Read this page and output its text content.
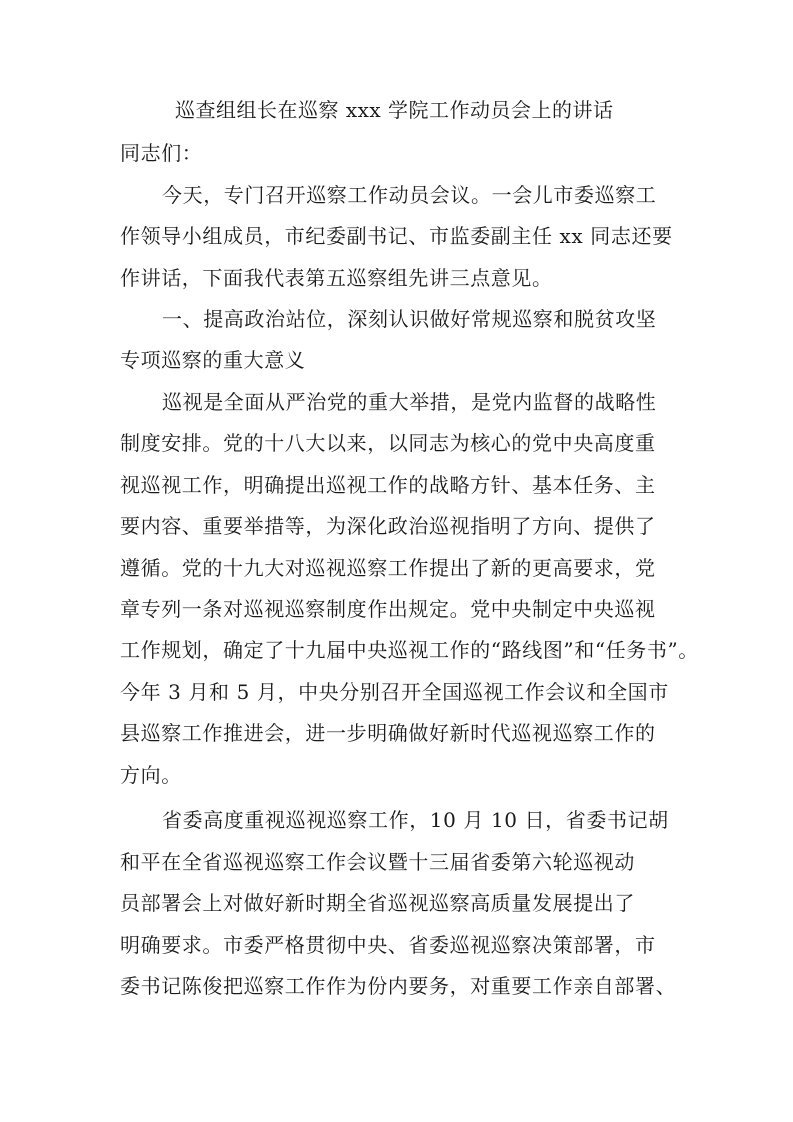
巡查组组长在巡察 xxx 学院工作动员会上的讲话
同志们：
今天，专门召开巡察工作动员会议。一会儿市委巡察工
作领导小组成员，市纪委副书记、市监委副主任 xx 同志还要
作讲话，下面我代表第五巡察组先讲三点意见。
一、提高政治站位，深刻认识做好常规巡察和脱贫攻坚
专项巡察的重大意义
巡视是全面从严治党的重大举措，是党内监督的战略性
制度安排。党的十八大以来，以同志为核心的党中央高度重
视巡视工作，明确提出巡视工作的战略方针、基本任务、主
要内容、重要举措等，为深化政治巡视指明了方向、提供了
遵循。党的十九大对巡视巡察工作提出了新的更高要求，党
章专列一条对巡视巡察制度作出规定。党中央制定中央巡视
工作规划，确定了十九届中央巡视工作的“路线图”和“任务书”。
今年 3 月和 5 月，中央分别召开全国巡视工作会议和全国市
县巡察工作推进会，进一步明确做好新时代巡视巡察工作的
方向。
省委高度重视巡视巡察工作，10 月 10 日，省委书记胡
和平在全省巡视巡察工作会议暨十三届省委第六轮巡视动
员部署会上对做好新时期全省巡视巡察高质量发展提出了
明确要求。市委严格贯彻中央、省委巡视巡察决策部署，市
委书记陈俊把巡察工作作为份内要务，对重要工作亲自部署、
